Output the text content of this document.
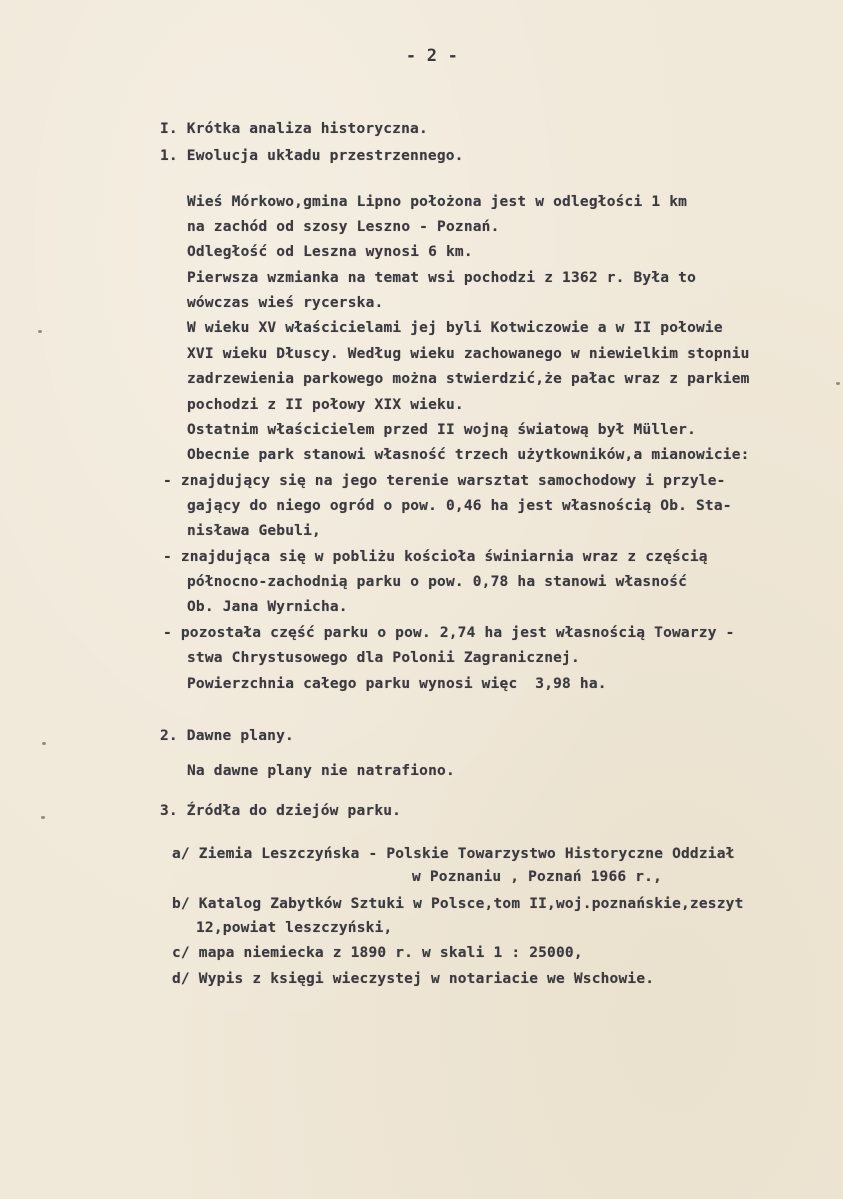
- 2 -
I. Krótka analiza historyczna.
1. Ewolucja układu przestrzennego.
Wieś Mórkowo,gmina Lipno położona jest w odległości 1 km
na zachód od szosy Leszno - Poznań.
Odległość od Leszna wynosi 6 km.
Pierwsza wzmianka na temat wsi pochodzi z 1362 r. Była to
wówczas wieś rycerska.
W wieku XV właścicielami jej byli Kotwiczowie a w II połowie
XVI wieku Dłuscy. Według wieku zachowanego w niewielkim stopniu
zadrzewienia parkowego można stwierdzić,że pałac wraz z parkiem
pochodzi z II połowy XIX wieku.
Ostatnim właścicielem przed II wojną światową był Müller.
Obecnie park stanowi własność trzech użytkowników,a mianowicie:
- znajdujący się na jego terenie warsztat samochodowy i przyle-
gający do niego ogród o pow. 0,46 ha jest własnością Ob. Sta-
nisława Gebuli,
- znajdująca się w pobliżu kościoła świniarnia wraz z częścią
północno-zachodnią parku o pow. 0,78 ha stanowi własność
Ob. Jana Wyrnicha.
- pozostała część parku o pow. 2,74 ha jest własnością Towarzy -
stwa Chrystusowego dla Polonii Zagranicznej.
Powierzchnia całego parku wynosi więc  3,98 ha.
2. Dawne plany.
Na dawne plany nie natrafiono.
3. Źródła do dziejów parku.
a/ Ziemia Leszczyńska - Polskie Towarzystwo Historyczne Oddział
w Poznaniu , Poznań 1966 r.,
b/ Katalog Zabytków Sztuki w Polsce,tom II,woj.poznańskie,zeszyt
12,powiat leszczyński,
c/ mapa niemiecka z 1890 r. w skali 1 : 25000,
d/ Wypis z księgi wieczystej w notariacie we Wschowie.
